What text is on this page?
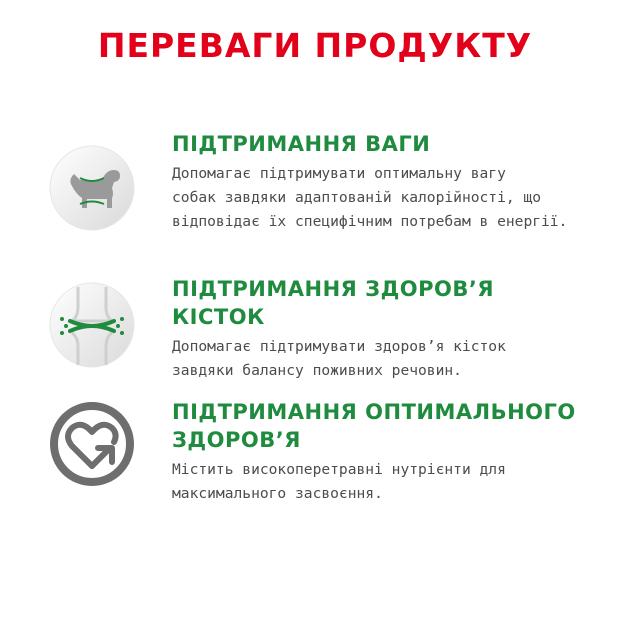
ПЕРЕВАГИ ПРОДУКТУ
ПІДТРИМАННЯ ВАГИ
Допомагає підтримувати оптимальну вагу
собак завдяки адаптованій калорійності, що
відповідає їх специфічним потребам в енергії.
ПІДТРИМАННЯ ЗДОРОВ’Я КІСТОК
Допомагає підтримувати здоров’я кісток
завдяки балансу поживних речовин.
ПІДТРИМАННЯ ОПТИМАЛЬНОГО
ЗДОРОВ’Я
Містить високоперетравні нутрієнти для
максимального засвоєння.
